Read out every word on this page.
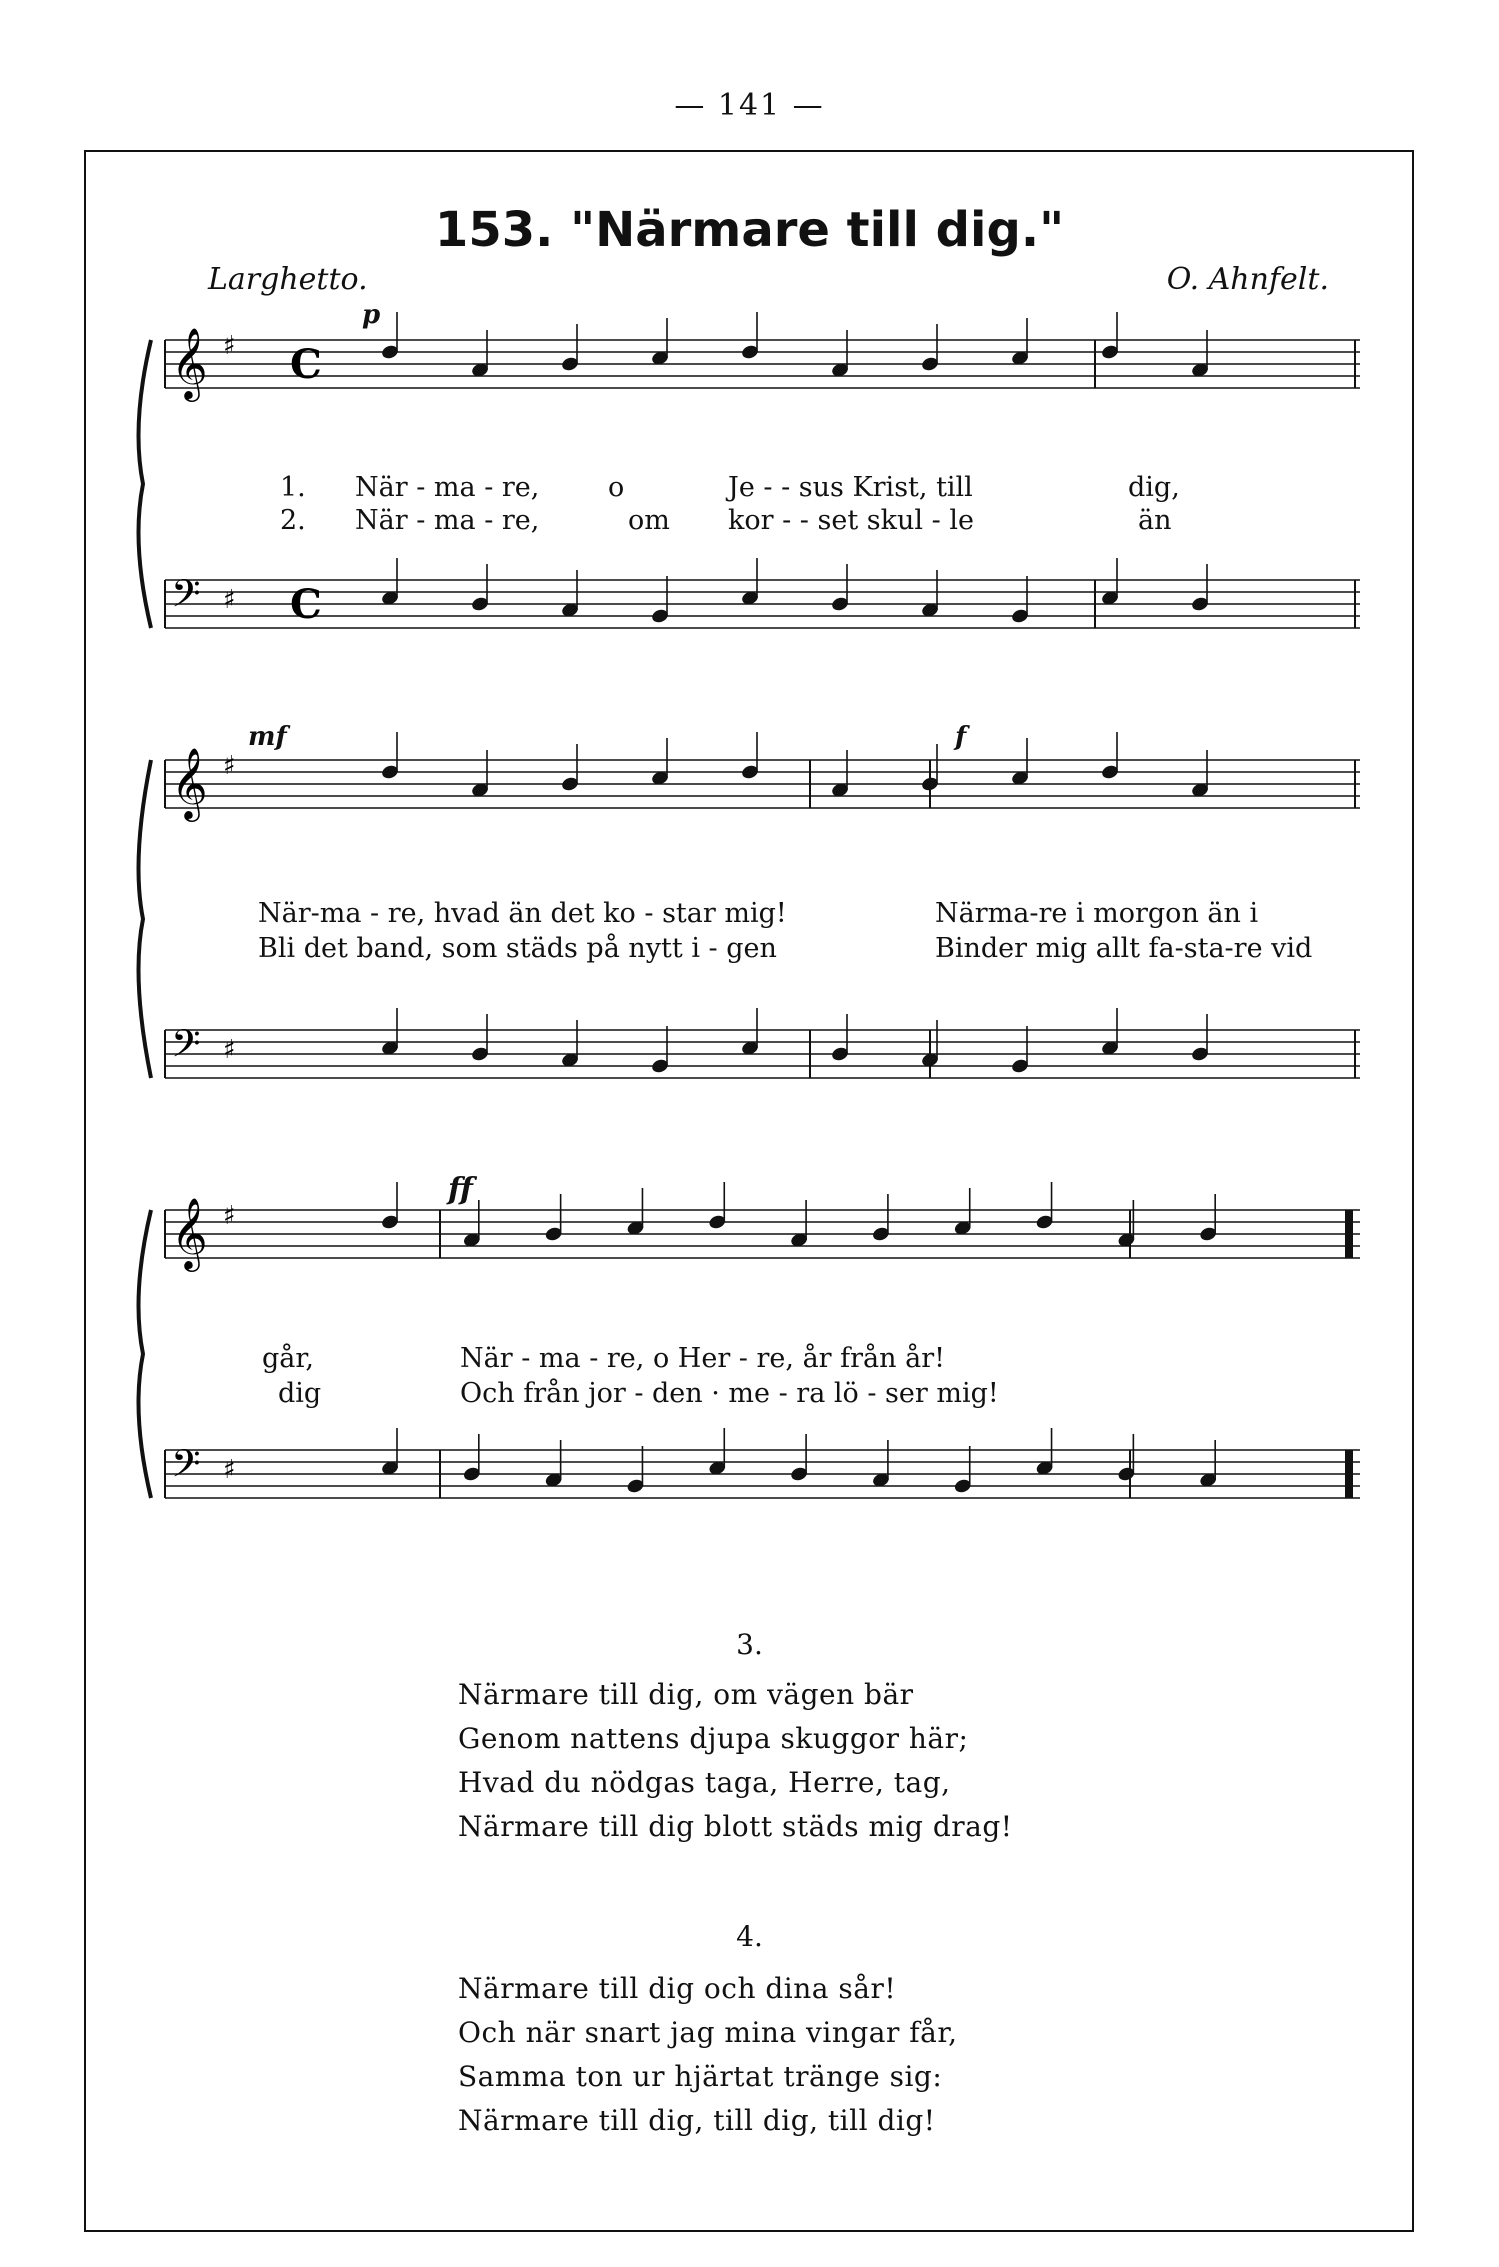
— 141 —
153. "Närmare till dig."
Larghetto.	O. Ahnfelt.
𝄞 ♯
𝄢 ♯
𝄞 ♯
𝄢 ♯
𝄞 ♯
𝄢 ♯
C
C
p
mf	f
ff
1. När - ma - re,	o	Je - - sus Krist, till	dig,
2. När - ma - re,	om kor - - set skul - le	än
När-ma - re, hvad än det ko - star mig!	Närma-re i morgon än i
Bli det band, som städs på nytt i - gen	Binder mig allt fa-sta-re vid
går,	När - ma - re, o Her - re, år från år!
dig	Och från jor - den · me - ra lö - ser mig!
3.
Närmare till dig, om vägen bär
Genom nattens djupa skuggor här;
Hvad du nödgas taga, Herre, tag,
Närmare till dig blott städs mig drag!
4.
Närmare till dig och dina sår!
Och när snart jag mina vingar får,
Samma ton ur hjärtat tränge sig:
Närmare till dig, till dig, till dig!
